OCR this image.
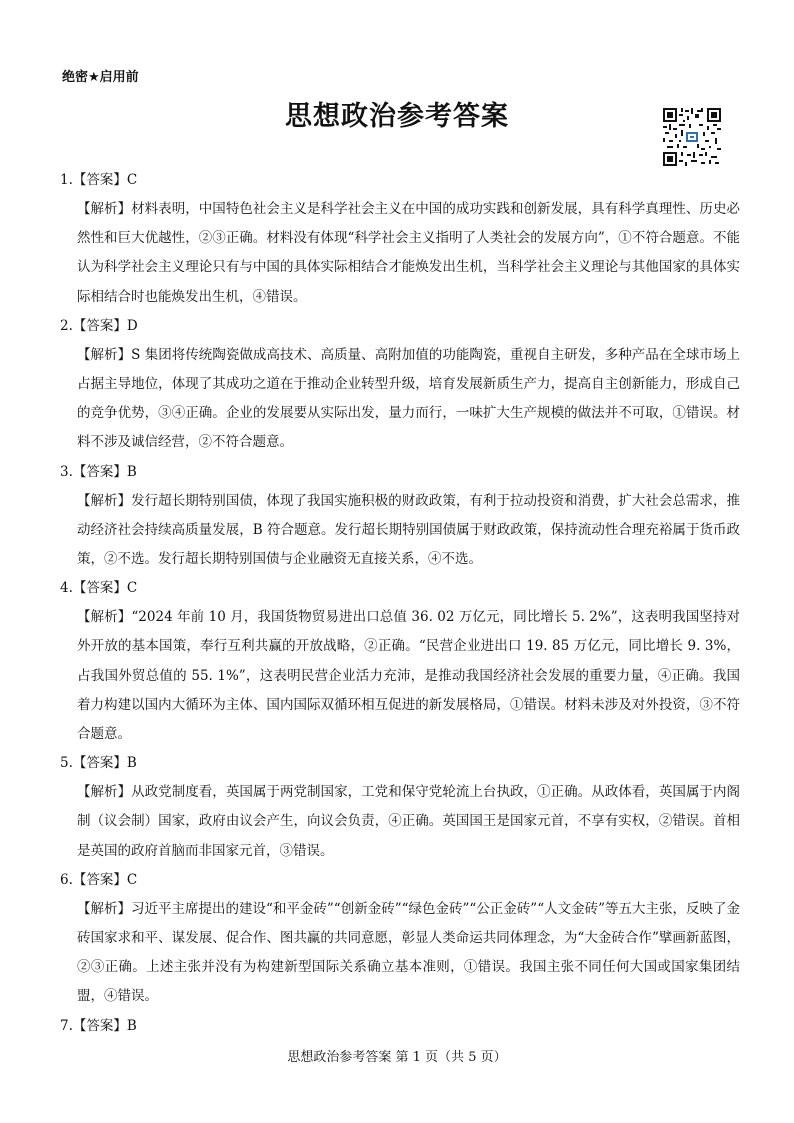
绝密★启用前
思想政治参考答案
1.【答案】C
【解析】材料表明，中国特色社会主义是科学社会主义在中国的成功实践和创新发展，具有科学真理性、历史必然性和巨大优越性，②③正确。材料没有体现“科学社会主义指明了人类社会的发展方向”，①不符合题意。不能认为科学社会主义理论只有与中国的具体实际相结合才能焕发出生机，当科学社会主义理论与其他国家的具体实际相结合时也能焕发出生机，④错误。
2.【答案】D
【解析】S 集团将传统陶瓷做成高技术、高质量、高附加值的功能陶瓷，重视自主研发，多种产品在全球市场上占据主导地位，体现了其成功之道在于推动企业转型升级，培育发展新质生产力，提高自主创新能力，形成自己的竞争优势，③④正确。企业的发展要从实际出发，量力而行，一味扩大生产规模的做法并不可取，①错误。材料不涉及诚信经营，②不符合题意。
3.【答案】B
【解析】发行超长期特别国债，体现了我国实施积极的财政政策，有利于拉动投资和消费，扩大社会总需求，推动经济社会持续高质量发展，B 符合题意。发行超长期特别国债属于财政政策，保持流动性合理充裕属于货币政策，②不选。发行超长期特别国债与企业融资无直接关系，④不选。
4.【答案】C
【解析】“2024 年前 10 月，我国货物贸易进出口总值 36. 02 万亿元，同比增长 5. 2%”，这表明我国坚持对外开放的基本国策，奉行互利共赢的开放战略，②正确。“民营企业进出口 19. 85 万亿元，同比增长 9. 3%，占我国外贸总值的 55. 1%”，这表明民营企业活力充沛，是推动我国经济社会发展的重要力量，④正确。我国着力构建以国内大循环为主体、国内国际双循环相互促进的新发展格局，①错误。材料未涉及对外投资，③不符合题意。
5.【答案】B
【解析】从政党制度看，英国属于两党制国家，工党和保守党轮流上台执政，①正确。从政体看，英国属于内阁制（议会制）国家，政府由议会产生，向议会负责，④正确。英国国王是国家元首，不享有实权，②错误。首相是英国的政府首脑而非国家元首，③错误。
6.【答案】C
【解析】习近平主席提出的建设“和平金砖”“创新金砖”“绿色金砖”“公正金砖”“人文金砖”等五大主张，反映了金砖国家求和平、谋发展、促合作、图共赢的共同意愿，彰显人类命运共同体理念，为“大金砖合作”擘画新蓝图，②③正确。上述主张并没有为构建新型国际关系确立基本准则，①错误。我国主张不同任何大国或国家集团结盟，④错误。
7.【答案】B
思想政治参考答案 第 1 页（共 5 页）
